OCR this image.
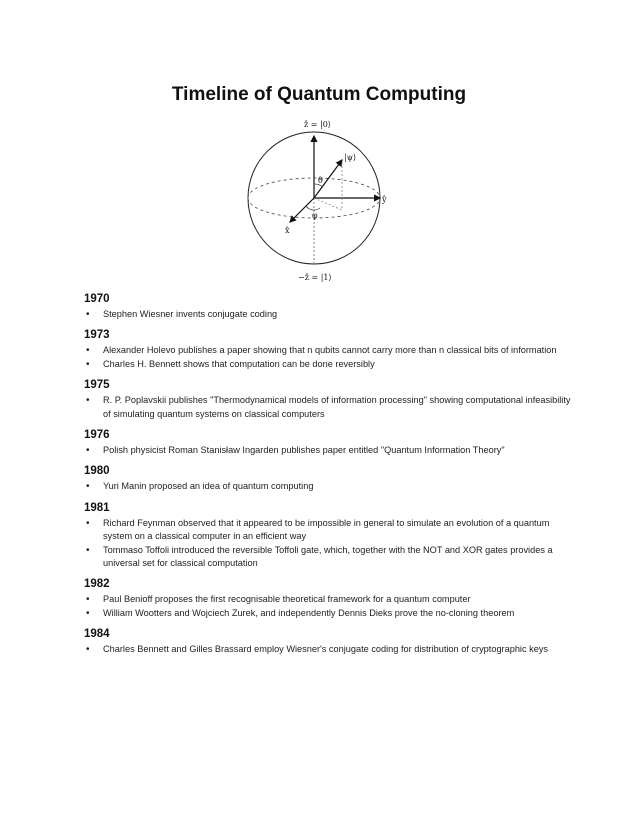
Timeline of Quantum Computing
ẑ = |0⟩
|ψ⟩
θ
φ
x̂
ŷ
−ẑ = |1⟩
1970
• Stephen Wiesner invents conjugate coding
1973
• Alexander Holevo publishes a paper showing that n qubits cannot carry more than n classical bits of information
• Charles H. Bennett shows that computation can be done reversibly
1975
• R. P. Poplavskii publishes "Thermodynamical models of information processing" showing computational infeasibility of simulating quantum systems on classical computers
1976
• Polish physicist Roman Stanisław Ingarden publishes paper entitled "Quantum Information Theory"
1980
• Yuri Manin proposed an idea of quantum computing
1981
• Richard Feynman observed that it appeared to be impossible in general to simulate an evolution of a quantum system on a classical computer in an efficient way
• Tommaso Toffoli introduced the reversible Toffoli gate, which, together with the NOT and XOR gates provides a universal set for classical computation
1982
• Paul Benioff proposes the first recognisable theoretical framework for a quantum computer
• William Wootters and Wojciech Zurek, and independently Dennis Dieks prove the no-cloning theorem
1984
• Charles Bennett and Gilles Brassard employ Wiesner's conjugate coding for distribution of cryptographic keys
